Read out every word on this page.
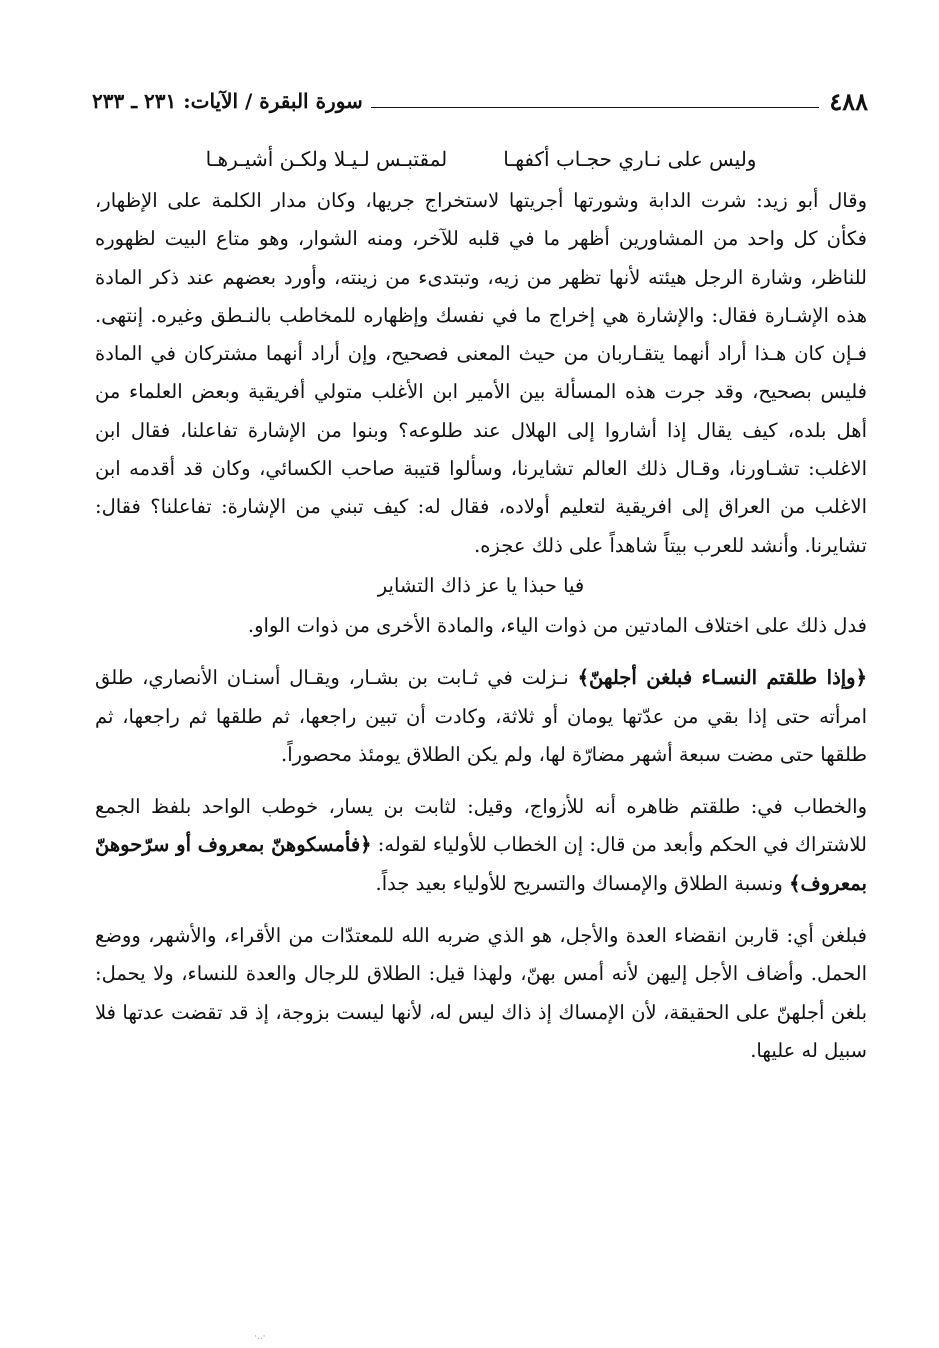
٤٨٨
سورة البقرة / الآيات: ٢٣١ ـ ٢٣٣
وليس على نـاري حجـاب أكفهـا
لمقتبـس لـيـلا ولكـن أشيـرهـا

وقال أبو زيد: شرت الدابة وشورتها أجريتها لاستخراج جريها، وكان مدار الكلمة على الإظهار، فكأن كل واحد من المشاورين أظهر ما في قلبه للآخر، ومنه الشوار، وهو متاع البيت لظهوره للناظر، وشارة الرجل هيئته لأنها تظهر من زيه، وتبتدىء من زينته، وأورد بعضهم عند ذكر المادة هذه الإشـارة فقال: والإشارة هي إخراج ما في نفسك وإظهاره للمخاطب بالنـطق وغيره. إنتهى. فـإن كان هـذا أراد أنهما يتقـاربان من حيث المعنى فصحيح، وإن أراد أنهما مشتركان في المادة فليس بصحيح، وقد جرت هذه المسألة بين الأمير ابن الأغلب متولي أفريقية وبعض العلماء من أهل بلده، كيف يقال إذا أشاروا إلى الهلال عند طلوعه؟ وبنوا من الإشارة تفاعلنا، فقال ابن الاغلب: تشـاورنا، وقـال ذلك العالم تشايرنا، وسألوا قتيبة صاحب الكسائي، وكان قد أقدمه ابن الاغلب من العراق إلى افريقية لتعليم أولاده، فقال له: كيف تبني من الإشارة: تفاعلنا؟ فقال: تشايرنا. وأنشد للعرب بيتاً شاهداً على ذلك عجزه.

فيا حبذا يا عز ذاك التشاير

فدل ذلك على اختلاف المادتين من ذوات الياء، والمادة الأخرى من ذوات الواو.

﴿وإذا طلقتم النسـاء فبلغن أجلهنّ﴾ نـزلت في ثـابت بن بشـار، ويقـال أسنـان الأنصاري، طلق امرأته حتى إذا بقي من عدّتها يومان أو ثلاثة، وكادت أن تبين راجعها، ثم طلقها ثم راجعها، ثم طلقها حتى مضت سبعة أشهر مضارّة لها، ولم يكن الطلاق يومئذ محصوراً.

والخطاب في: طلقتم ظاهره أنه للأزواج، وقيل: لثابت بن يسار، خوطب الواحد بلفظ الجمع للاشتراك في الحكم وأبعد من قال: إن الخطاب للأولياء لقوله: ﴿فأمسكوهنّ بمعروف أو سرّحوهنّ بمعروف﴾ ونسبة الطلاق والإمساك والتسريح للأولياء بعيد جداً.

فبلغن أي: قاربن انقضاء العدة والأجل، هو الذي ضربه الله للمعتدّات من الأقراء، والأشهر، ووضع الحمل. وأضاف الأجل إليهن لأنه أمس بهنّ، ولهذا قيل: الطلاق للرجال والعدة للنساء، ولا يحمل: بلغن أجلهنّ على الحقيقة، لأن الإمساك إذ ذاك ليس له، لأنها ليست بزوجة، إذ قد تقضت عدتها فلا سبيل له عليها.

·..·
